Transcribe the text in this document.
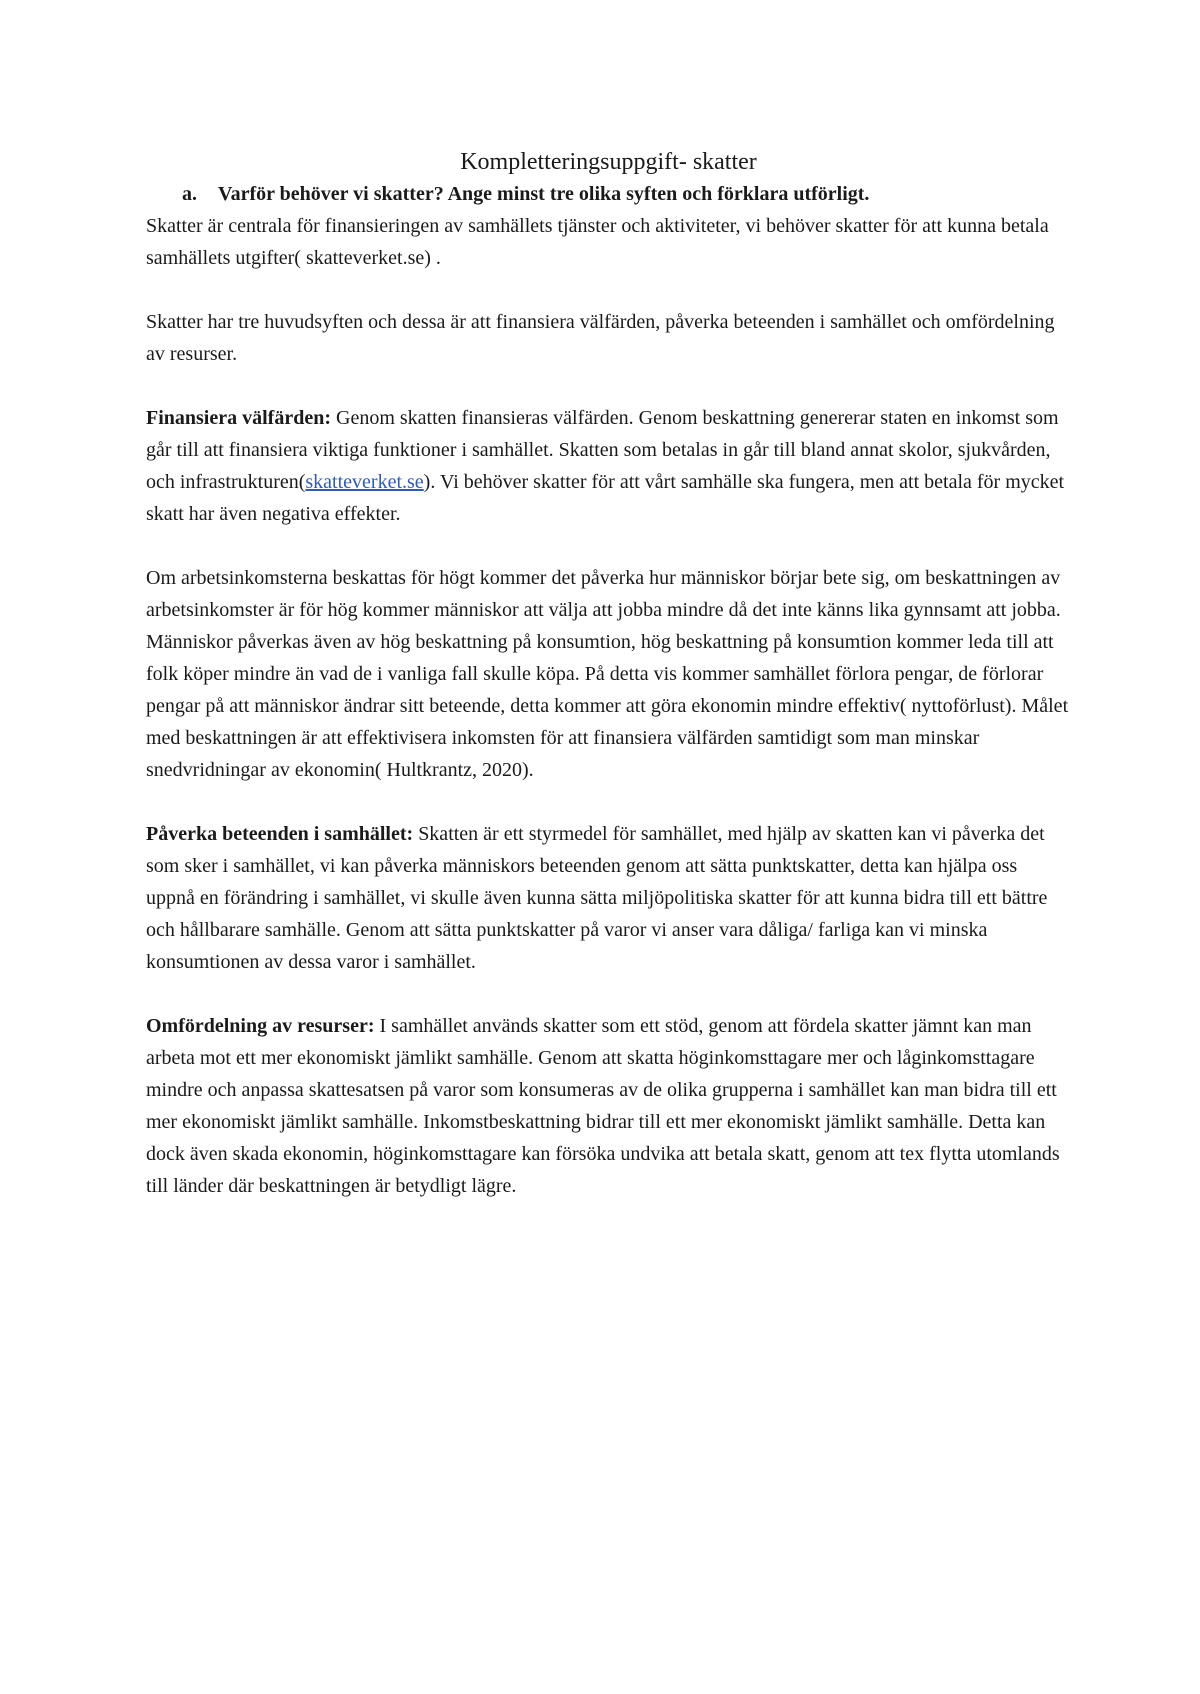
Kompletteringsuppgift- skatter
a. Varför behöver vi skatter? Ange minst tre olika syften och förklara utförligt.

Skatter är centrala för finansieringen av samhällets tjänster och aktiviteter, vi behöver skatter för att kunna betala samhällets utgifter( skatteverket.se) .

Skatter har tre huvudsyften och dessa är att finansiera välfärden, påverka beteenden i samhället och omfördelning av resurser.

Finansiera välfärden: Genom skatten finansieras välfärden. Genom beskattning genererar staten en inkomst som går till att finansiera viktiga funktioner i samhället. Skatten som betalas in går till bland annat skolor, sjukvården, och infrastrukturen(skatteverket.se). Vi behöver skatter för att vårt samhälle ska fungera, men att betala för mycket skatt har även negativa effekter.

Om arbetsinkomsterna beskattas för högt kommer det påverka hur människor börjar bete sig, om beskattningen av arbetsinkomster är för hög kommer människor att välja att jobba mindre då det inte känns lika gynnsamt att jobba. Människor påverkas även av hög beskattning på konsumtion, hög beskattning på konsumtion kommer leda till att folk köper mindre än vad de i vanliga fall skulle köpa. På detta vis kommer samhället förlora pengar, de förlorar pengar på att människor ändrar sitt beteende, detta kommer att göra ekonomin mindre effektiv( nyttoförlust). Målet med beskattningen är att effektivisera inkomsten för att finansiera välfärden samtidigt som man minskar snedvridningar av ekonomin( Hultkrantz, 2020).

Påverka beteenden i samhället: Skatten är ett styrmedel för samhället, med hjälp av skatten kan vi påverka det som sker i samhället, vi kan påverka människors beteenden genom att sätta punktskatter, detta kan hjälpa oss uppnå en förändring i samhället, vi skulle även kunna sätta miljöpolitiska skatter för att kunna bidra till ett bättre och hållbarare samhälle. Genom att sätta punktskatter på varor vi anser vara dåliga/ farliga kan vi minska konsumtionen av dessa varor i samhället.

Omfördelning av resurser: I samhället används skatter som ett stöd, genom att fördela skatter jämnt kan man arbeta mot ett mer ekonomiskt jämlikt samhälle. Genom att skatta höginkomsttagare mer och låginkomsttagare mindre och anpassa skattesatsen på varor som konsumeras av de olika grupperna i samhället kan man bidra till ett mer ekonomiskt jämlikt samhälle. Inkomstbeskattning bidrar till ett mer ekonomiskt jämlikt samhälle. Detta kan dock även skada ekonomin, höginkomsttagare kan försöka undvika att betala skatt, genom att tex flytta utomlands till länder där beskattningen är betydligt lägre.
